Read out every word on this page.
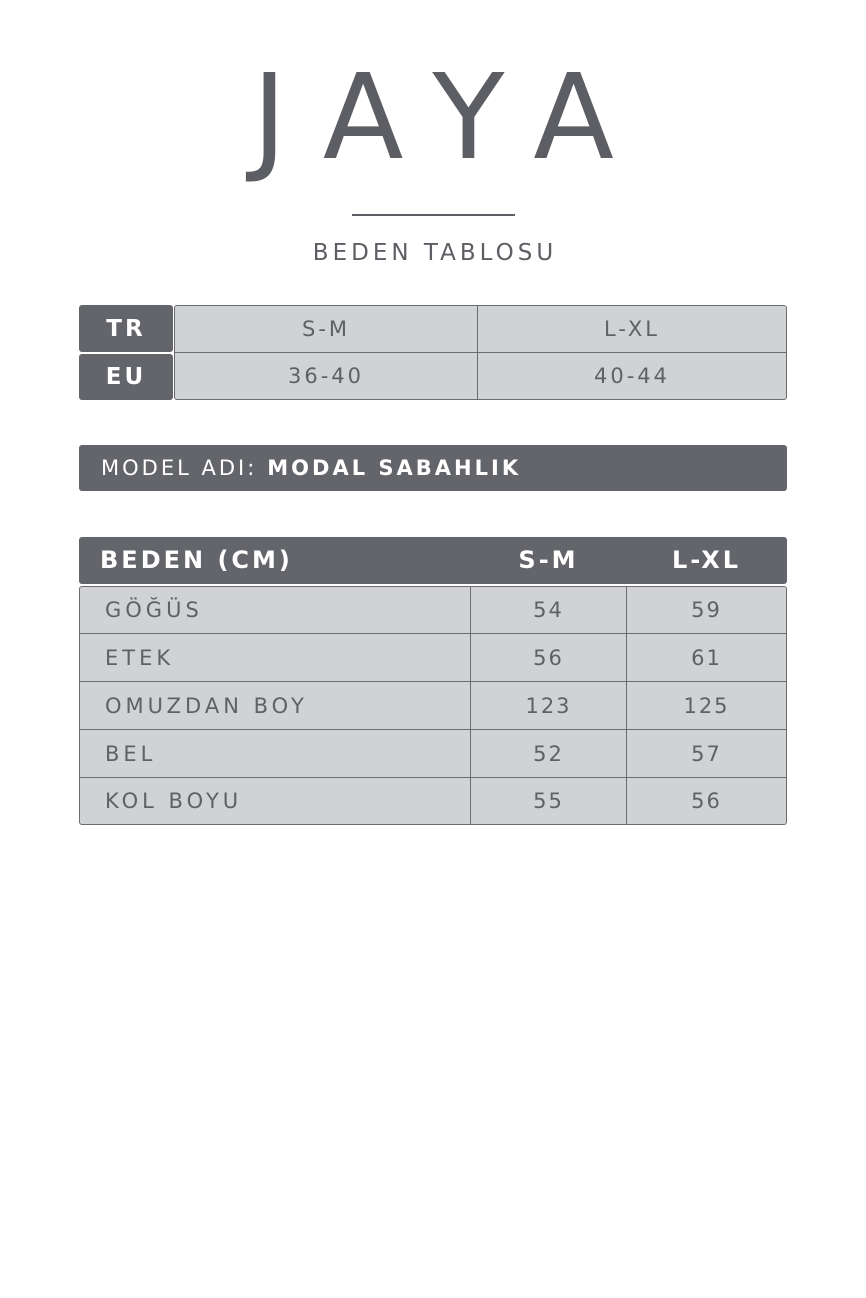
JAYA
BEDEN TABLOSU
TR	S-M	L-XL
EU	36-40	40-44
MODEL ADI: MODAL SABAHLIK
BEDEN (CM)	S-M	L-XL
GÖĞÜS	54	59
ETEK	56	61
OMUZDAN BOY	123	125
BEL	52	57
KOL BOYU	55	56
